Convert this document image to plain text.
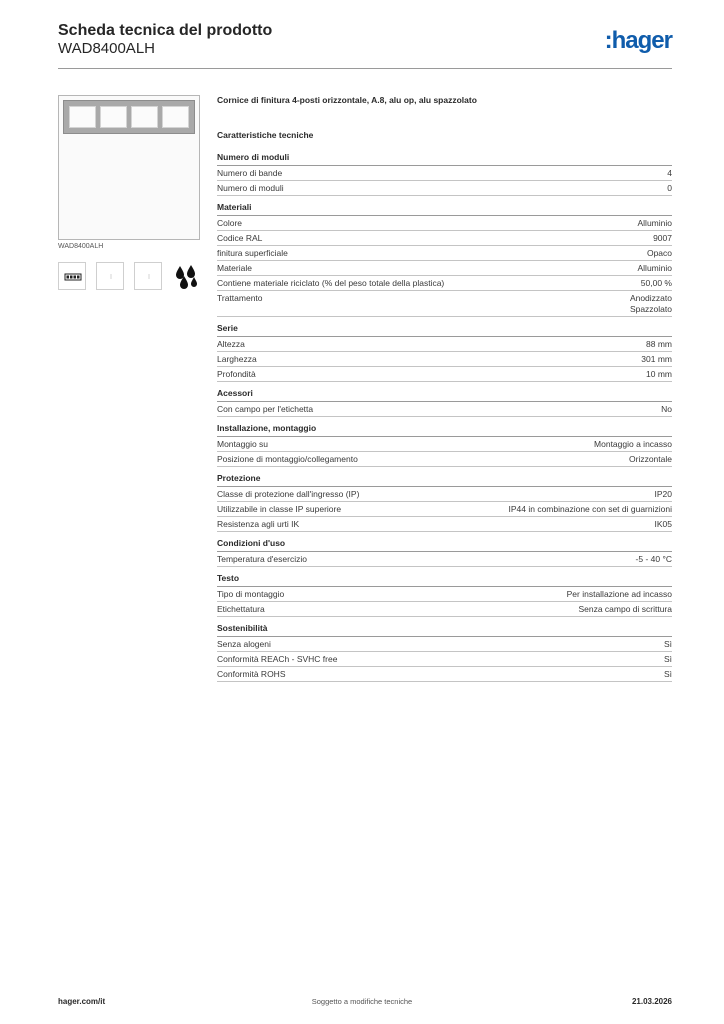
Scheda tecnica del prodotto
WAD8400ALH	:hager
WAD8400ALH
Cornice di finitura 4-posti orizzontale, A.8, alu op, alu spazzolato
Caratteristiche tecniche
Numero di moduli
Numero di bande	4
Numero di moduli	0
Materiali
Colore	Alluminio
Codice RAL	9007
finitura superficiale	Opaco
Materiale	Alluminio
Contiene materiale riciclato (% del peso totale della plastica)	50,00 %
Trattamento	Anodizzato
Spazzolato
Serie
Altezza	88 mm
Larghezza	301 mm
Profondità	10 mm
Acessori
Con campo per l'etichetta	No
Installazione, montaggio
Montaggio su	Montaggio a incasso
Posizione di montaggio/collegamento	Orizzontale
Protezione
Classe di protezione dall'ingresso (IP)	IP20
Utilizzabile in classe IP superiore	IP44 in combinazione con set di guarnizioni
Resistenza agli urti IK	IK05
Condizioni d'uso
Temperatura d'esercizio	-5 - 40 °C
Testo
Tipo di montaggio	Per installazione ad incasso
Etichettatura	Senza campo di scrittura
Sostenibilità
Senza alogeni	Sì
Conformità REACh - SVHC free	Sì
Conformità ROHS	Sì
hager.com/it	Soggetto a modifiche tecniche	21.03.2026
